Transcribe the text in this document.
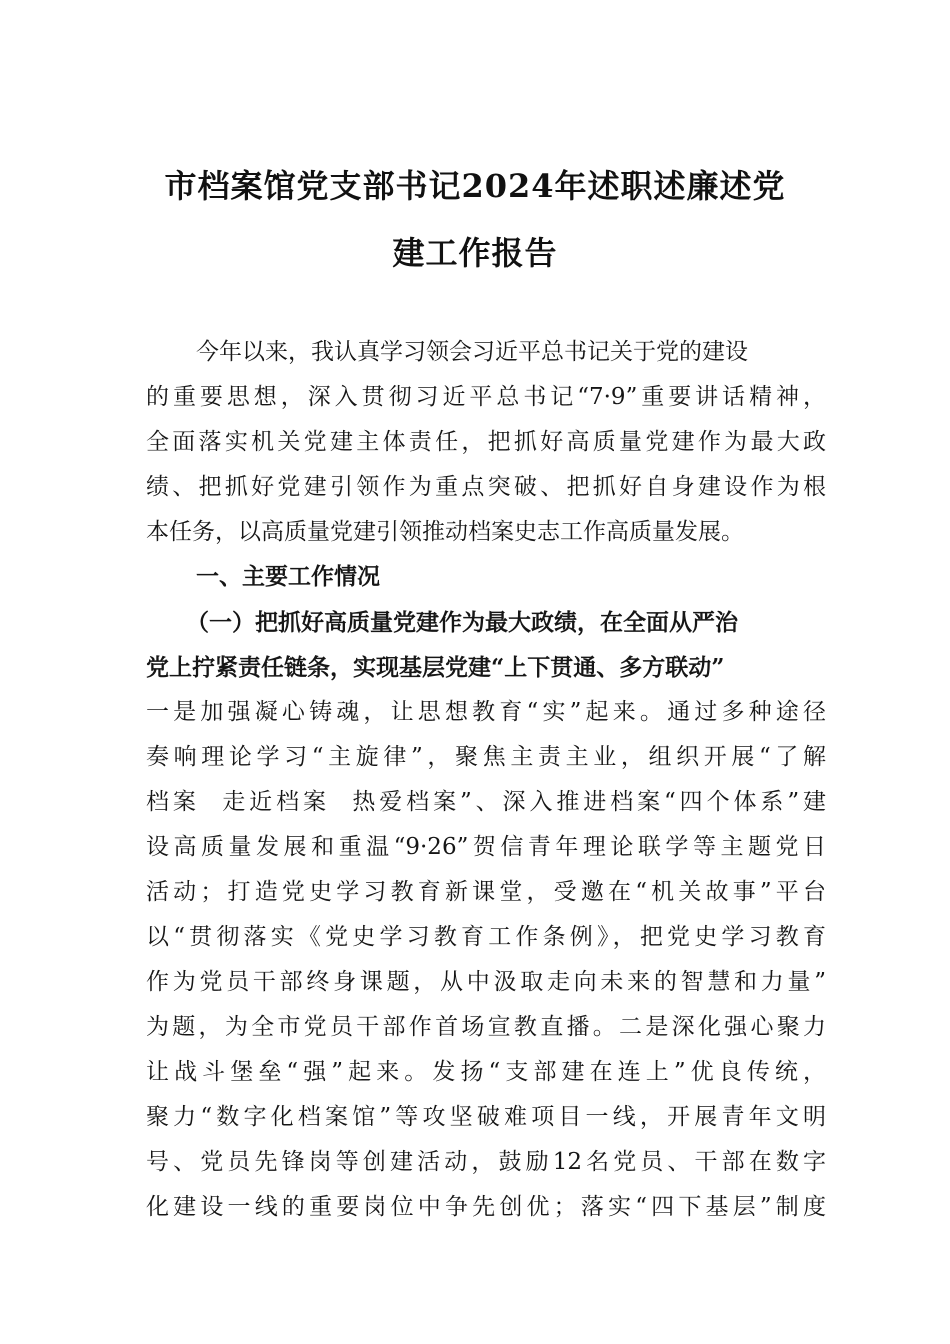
市档案馆党支部书记2024年述职述廉述党
建工作报告
今年以来，我认真学习领会习近平总书记关于党的建设
的重要思想，深入贯彻习近平总书记“7·9”重要讲话精神，
全面落实机关党建主体责任，把抓好高质量党建作为最大政
绩、把抓好党建引领作为重点突破、把抓好自身建设作为根
本任务，以高质量党建引领推动档案史志工作高质量发展。
一、主要工作情况
（一）把抓好高质量党建作为最大政绩，在全面从严治
党上拧紧责任链条，实现基层党建“上下贯通、多方联动”
一是加强凝心铸魂，让思想教育“实”起来。通过多种途径
奏响理论学习“主旋律”，聚焦主责主业，组织开展“了解
档案  走近档案  热爱档案”、深入推进档案“四个体系”建
设高质量发展和重温“9·26”贺信青年理论联学等主题党日
活动；打造党史学习教育新课堂，受邀在“机关故事”平台
以“贯彻落实《党史学习教育工作条例》，把党史学习教育
作为党员干部终身课题，从中汲取走向未来的智慧和力量”
为题，为全市党员干部作首场宣教直播。二是深化强心聚力
让战斗堡垒“强”起来。发扬“支部建在连上”优良传统，
聚力“数字化档案馆”等攻坚破难项目一线，开展青年文明
号、党员先锋岗等创建活动，鼓励12名党员、干部在数字
化建设一线的重要岗位中争先创优；落实“四下基层”制度
